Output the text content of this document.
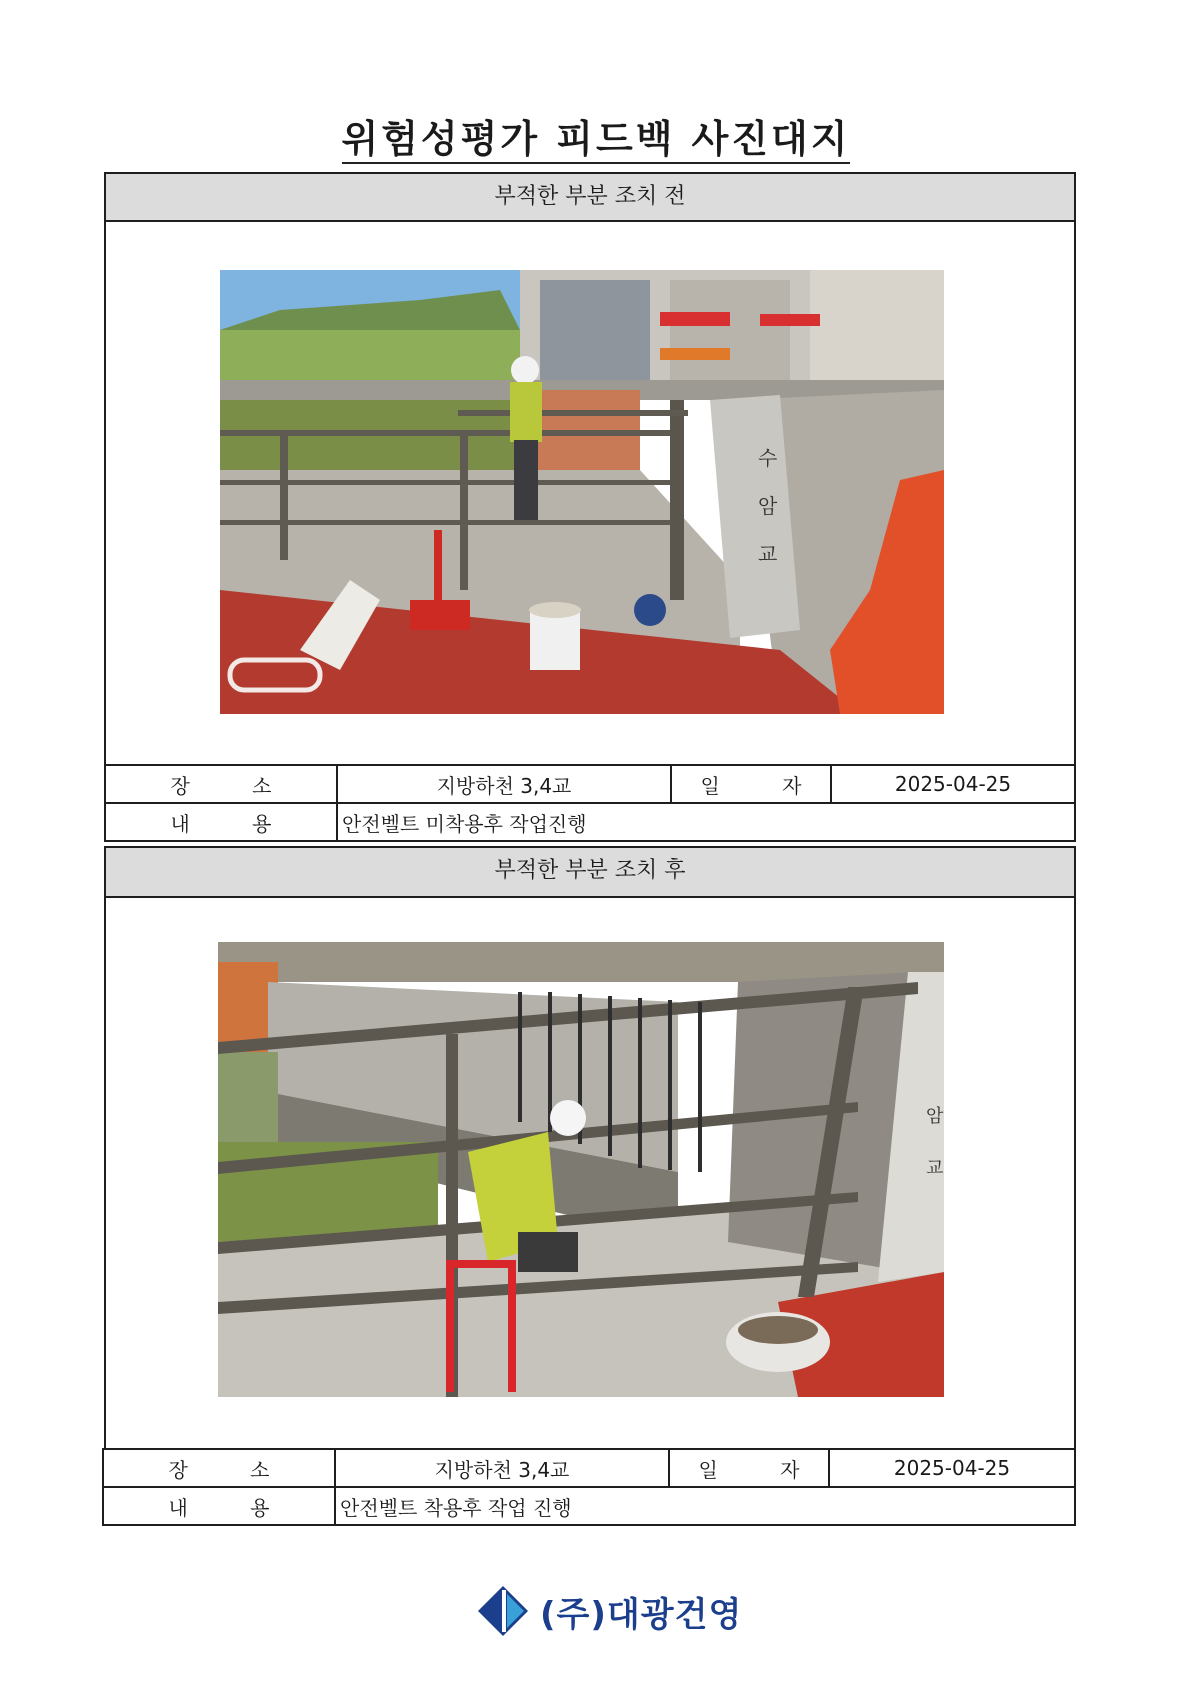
위험성평가 피드백 사진대지
부적한 부분 조치 전
수
암
교
장 소	지방하천 3,4교	일 자	2025-04-25
내 용	안전벨트 미착용후 작업진행		
부적한 부분 조치 후
암
교
장 소	지방하천 3,4교	일 자	2025-04-25
내 용	안전벨트 착용후 작업 진행		
(주)대광건영
